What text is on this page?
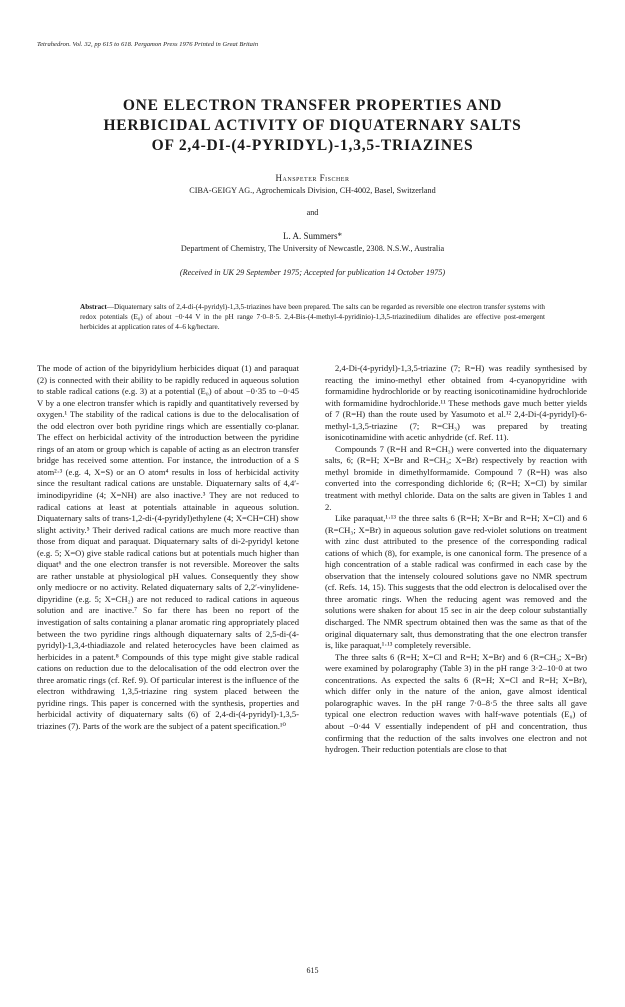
Tetrahedron. Vol. 32, pp 615 to 618. Pergamon Press 1976 Printed in Great Britain
ONE ELECTRON TRANSFER PROPERTIES AND
HERBICIDAL ACTIVITY OF DIQUATERNARY SALTS
OF 2,4-DI-(4-PYRIDYL)-1,3,5-TRIAZINES
Hanspeter Fischer
CIBA-GEIGY AG., Agrochemicals Division, CH-4002, Basel, Switzerland
and
L. A. Summers*
Department of Chemistry, The University of Newcastle, 2308. N.S.W., Australia
(Received in UK 29 September 1975; Accepted for publication 14 October 1975)
Abstract—Diquaternary salts of 2,4-di-(4-pyridyl)-1,3,5-triazines have been prepared. The salts can be regarded as reversible one electron transfer systems with redox potentials (E₀) of about −0·44 V in the pH range 7·0–8·5. 2,4-Bis-(4-methyl-4-pyridinio)-1,3,5-triazinediium dihalides are effective post-emergent herbicides at application rates of 4–6 kg/hectare.

The mode of action of the bipyridylium herbicides diquat (1) and paraquat (2) is connected with their ability to be rapidly reduced in aqueous solution to stable radical cations (e.g. 3) at a potential (E₀) of about −0·35 to −0·45 V by a one electron transfer which is rapidly and quantitatively reversed by oxygen.¹ The stability of the radical cations is due to the delocalisation of the odd electron over both pyridine rings which are essentially co-planar. The effect on herbicidal activity of the introduction between the pyridine rings of an atom or group which is capable of acting as an electron transfer bridge has received some attention. For instance, the introduction of a S atom²·³ (e.g. 4, X=S) or an O atom⁴ results in loss of herbicidal activity since the resultant radical cations are unstable. Diquaternary salts of 4,4′-iminodipyridine (4; X=NH) are also inactive.³ They are not reduced to radical cations at least at potentials attainable in aqueous solution. Diquaternary salts of trans-1,2-di-(4-pyridyl)ethylene (4; X=CH=CH) show slight activity.⁵ Their derived radical cations are much more reactive than those from diquat and paraquat. Diquaternary salts of di-2-pyridyl ketone (e.g. 5; X=O) give stable radical cations but at potentials much higher than diquat⁶ and the one electron transfer is not reversible. Moreover the salts are rather unstable at physiological pH values. Consequently they show only mediocre or no activity. Related diquaternary salts of 2,2′-vinylidene-dipyridine (e.g. 5; X=CH₂) are not reduced to radical cations in aqueous solution and are inactive.⁷ So far there has been no report of the investigation of salts containing a planar aromatic ring appropriately placed between the two pyridine rings although diquaternary salts of 2,5-di-(4-pyridyl)-1,3,4-thiadiazole and related heterocycles have been claimed as herbicides in a patent.⁸ Compounds of this type might give stable radical cations on reduction due to the delocalisation of the odd electron over the three aromatic rings (cf. Ref. 9). Of particular interest is the influence of the electron withdrawing 1,3,5-triazine ring system placed between the pyridine rings. This paper is concerned with the synthesis, properties and herbicidal activity of diquaternary salts (6) of 2,4-di-(4-pyridyl)-1,3,5-triazines (7). Parts of the work are the subject of a patent specification.¹⁰

2,4-Di-(4-pyridyl)-1,3,5-triazine (7; R=H) was readily synthesised by reacting the imino-methyl ether obtained from 4-cyanopyridine with formamidine hydrochloride or by reacting isonicotinamidine hydrochloride with formamidine hydrochloride.¹¹ These methods gave much better yields of 7 (R=H) than the route used by Yasumoto et al.¹² 2,4-Di-(4-pyridyl)-6-methyl-1,3,5-triazine (7; R=CH₃) was prepared by treating isonicotinamidine with acetic anhydride (cf. Ref. 11).

Compounds 7 (R=H and R=CH₃) were converted into the diquaternary salts, 6; (R=H; X=Br and R=CH₃; X=Br) respectively by reaction with methyl bromide in dimethylformamide. Compound 7 (R=H) was also converted into the corresponding dichloride 6; (R=H; X=Cl) by similar treatment with methyl chloride. Data on the salts are given in Tables 1 and 2.

Like paraquat,¹·¹³ the three salts 6 (R=H; X=Br and R=H; X=Cl) and 6 (R=CH₃; X=Br) in aqueous solution gave red-violet solutions on treatment with zinc dust attributed to the presence of the corresponding radical cations of which (8), for example, is one canonical form. The presence of a high concentration of a stable radical was confirmed in each case by the observation that the intensely coloured solutions gave no NMR spectrum (cf. Refs. 14, 15). This suggests that the odd electron is delocalised over the three aromatic rings. When the reducing agent was removed and the solutions were shaken for about 15 sec in air the deep colour substantially discharged. The NMR spectrum obtained then was the same as that of the original diquaternary salt, thus demonstrating that the one electron transfer is, like paraquat,¹·¹³ completely reversible.

The three salts 6 (R=H; X=Cl and R=H; X=Br) and 6 (R=CH₃; X=Br) were examined by polarography (Table 3) in the pH range 3·2–10·0 at two concentrations. As expected the salts 6 (R=H; X=Cl and R=H; X=Br), which differ only in the nature of the anion, gave almost identical polarographic waves. In the pH range 7·0–8·5 the three salts all gave typical one electron reduction waves with half-wave potentials (E₀) of about −0·44 V essentially independent of pH and concentration, thus confirming that the reduction of the salts involves one electron and not hydrogen. Their reduction potentials are close to that

615
